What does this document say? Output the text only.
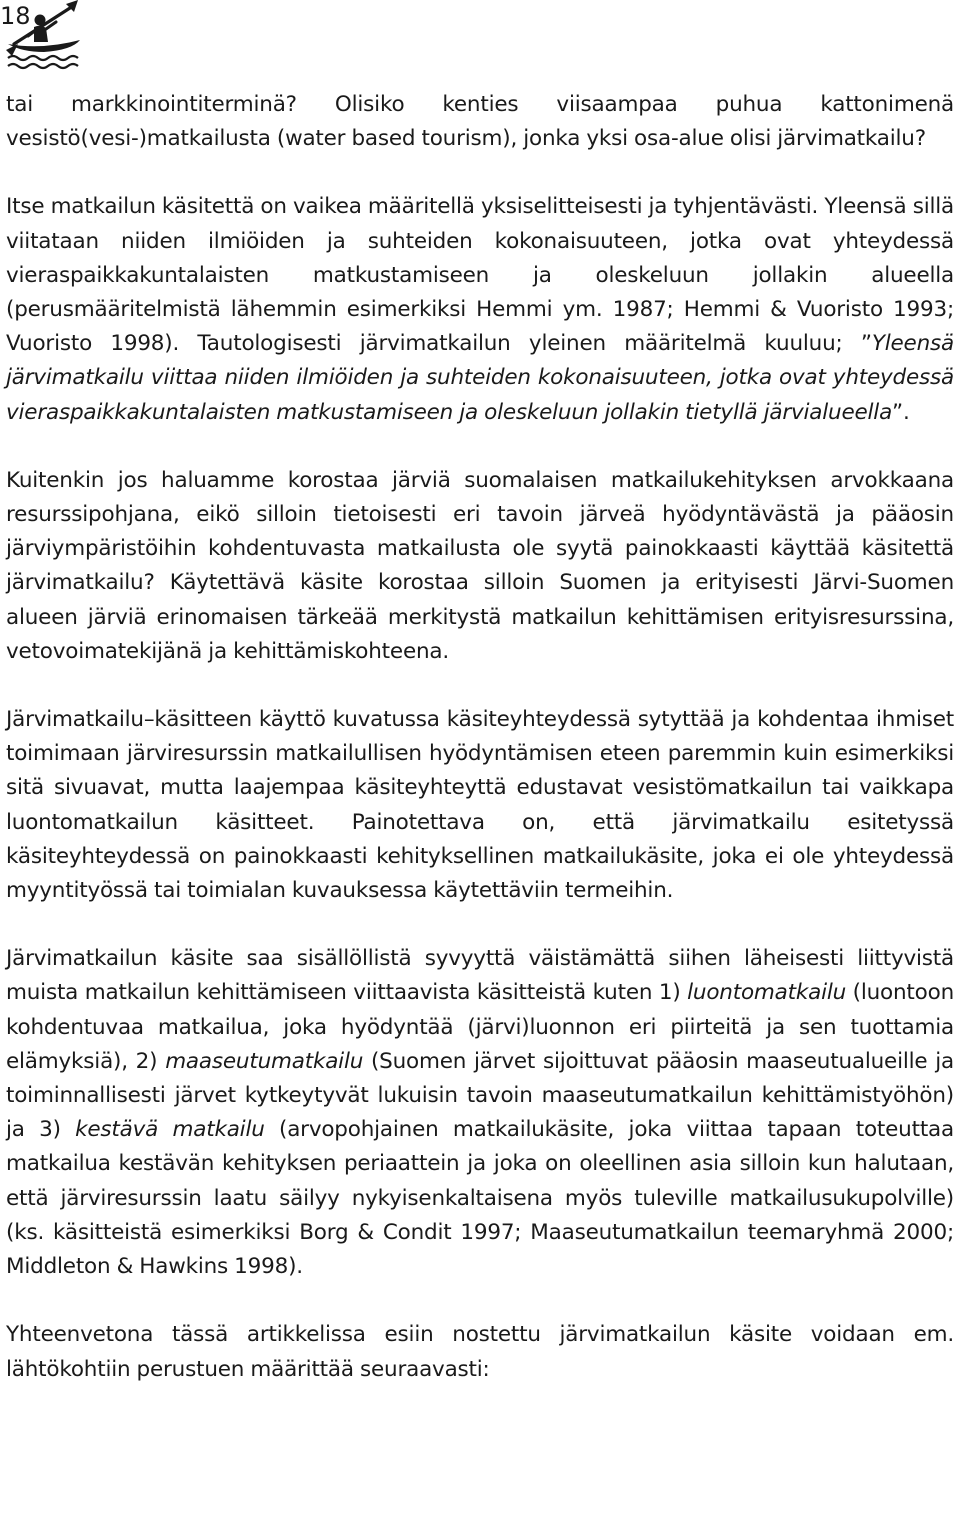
18

tai markkinointiterminä? Olisiko kenties viisaampaa puhua kattonimenä vesistö(vesi-)matkailusta (water based tourism), jonka yksi osa-alue olisi järvimatkailu?

Itse matkailun käsitettä on vaikea määritellä yksiselitteisesti ja tyhjentävästi. Yleensä sillä viitataan niiden ilmiöiden ja suhteiden kokonaisuuteen, jotka ovat yhteydessä vieraspaikkakuntalaisten matkustamiseen ja oleskeluun jollakin alueella (perusmääritelmistä lähemmin esimerkiksi Hemmi ym. 1987; Hemmi & Vuoristo 1993; Vuoristo 1998). Tautologisesti järvimatkailun yleinen määritelmä kuuluu; ”Yleensä järvimatkailu viittaa niiden ilmiöiden ja suhteiden kokonaisuuteen, jotka ovat yhteydessä vieraspaikkakuntalaisten matkustamiseen ja oleskeluun jollakin tietyllä järvialueella”.

Kuitenkin jos haluamme korostaa järviä suomalaisen matkailukehityksen arvokkaana resurssipohjana, eikö silloin tietoisesti eri tavoin järveä hyödyntävästä ja pääosin järviympäristöihin kohdentuvasta matkailusta ole syytä painokkaasti käyttää käsitettä järvimatkailu? Käytettävä käsite korostaa silloin Suomen ja erityisesti Järvi-Suomen alueen järviä erinomaisen tärkeää merkitystä matkailun kehittämisen erityisresurssina, vetovoimatekijänä ja kehittämiskohteena.

Järvimatkailu–käsitteen käyttö kuvatussa käsiteyhteydessä sytyttää ja kohdentaa ihmiset toimimaan järviresurssin matkailullisen hyödyntämisen eteen paremmin kuin esimerkiksi sitä sivuavat, mutta laajempaa käsiteyhteyttä edustavat vesistömatkailun tai vaikkapa luontomatkailun käsitteet. Painotettava on, että järvimatkailu esitetyssä käsiteyhteydessä on painokkaasti kehityksellinen matkailukäsite, joka ei ole yhteydessä myyntityössä tai toimialan kuvauksessa käytettäviin termeihin.

Järvimatkailun käsite saa sisällöllistä syvyyttä väistämättä siihen läheisesti liittyvistä muista matkailun kehittämiseen viittaavista käsitteistä kuten 1) luontomatkailu (luontoon kohdentuvaa matkailua, joka hyödyntää (järvi)luonnon eri piirteitä ja sen tuottamia elämyksiä), 2) maaseutumatkailu (Suomen järvet sijoittuvat pääosin maaseutualueille ja toiminnallisesti järvet kytkeytyvät lukuisin tavoin maaseutumatkailun kehittämistyöhön) ja 3) kestävä matkailu (arvopohjainen matkailukäsite, joka viittaa tapaan toteuttaa matkailua kestävän kehityksen periaattein ja joka on oleellinen asia silloin kun halutaan, että järviresurssin laatu säilyy nykyisenkaltaisena myös tuleville matkailusukupolville) (ks. käsitteistä esimerkiksi Borg & Condit 1997; Maaseutumatkailun teemaryhmä 2000; Middleton & Hawkins 1998).

Yhteenvetona tässä artikkelissa esiin nostettu järvimatkailun käsite voidaan em. lähtökohtiin perustuen määrittää seuraavasti:
